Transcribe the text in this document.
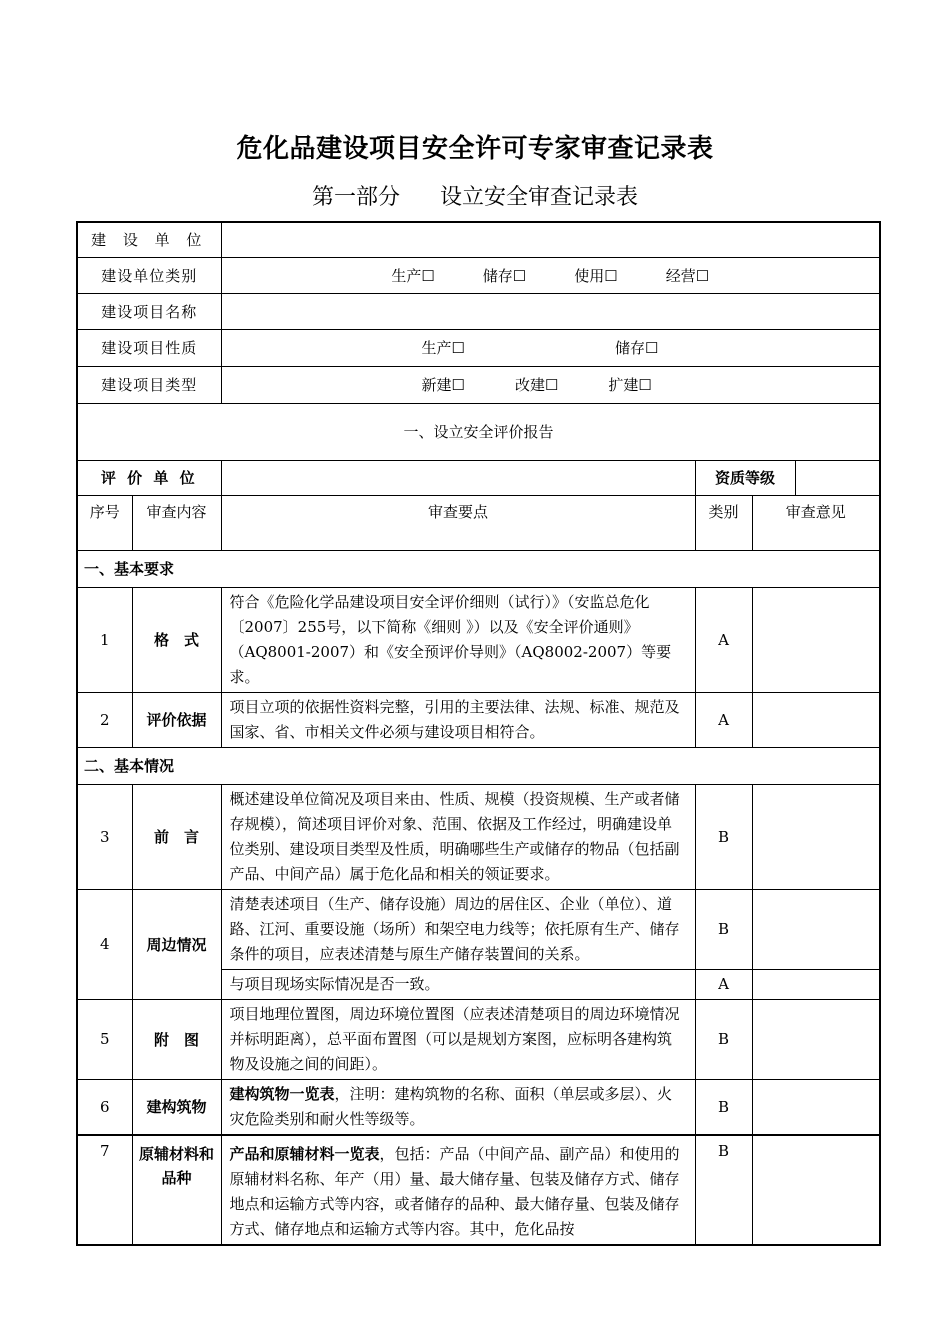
危化品建设项目安全许可专家审查记录表
第一部分 设立安全审查记录表
建 设 单 位					
建设单位类别		生产☐ 储存☐ 使用☐ 经营☐			
建设项目名称					
建设项目性质		生产☐ 储存☐			
建设项目类型		新建☐ 改建☐ 扩建☐			
一、设立安全评价报告					
评 价 单 位			资质等级		
序号	审查内容	审查要点	类别	审查意见	
一、基本要求					
1	格　式	符合《危险化学品建设项目安全评价细则（试行）》（安监总危化〔2007〕255号，以下简称《细则 》）以及《安全评价通则》（AQ8001-2007）和《安全预评价导则》（AQ8002-2007）等要求。	A		
2	评价依据	项目立项的依据性资料完整，引用的主要法律、法规、标准、规范及国家、省、市相关文件必须与建设项目相符合。	A		
二、基本情况					
3	前　言	概述建设单位简况及项目来由、性质、规模（投资规模、生产或者储存规模），简述项目评价对象、范围、依据及工作经过，明确建设单位类别、建设项目类型及性质，明确哪些生产或储存的物品（包括副产品、中间产品）属于危化品和相关的领证要求。	B		
4	周边情况	清楚表述项目（生产、储存设施）周边的居住区、企业（单位）、道路、江河、重要设施（场所）和架空电力线等；依托原有生产、储存条件的项目，应表述清楚与原生产储存装置间的关系。	B		
		与项目现场实际情况是否一致。	A		
5	附　图	项目地理位置图，周边环境位置图（应表述清楚项目的周边环境情况并标明距离），总平面布置图（可以是规划方案图，应标明各建构筑物及设施之间的间距）。	B		
6	建构筑物	建构筑物一览表，注明：建构筑物的名称、面积（单层或多层）、火灾危险类别和耐火性等级等。	B		
7	原辅材料和品种	产品和原辅材料一览表，包括：产品（中间产品、副产品）和使用的原辅材料名称、年产（用）量、最大储存量、包装及储存方式、储存地点和运输方式等内容，或者储存的品种、最大储存量、包装及储存方式、储存地点和运输方式等内容。其中，危化品按	B		
